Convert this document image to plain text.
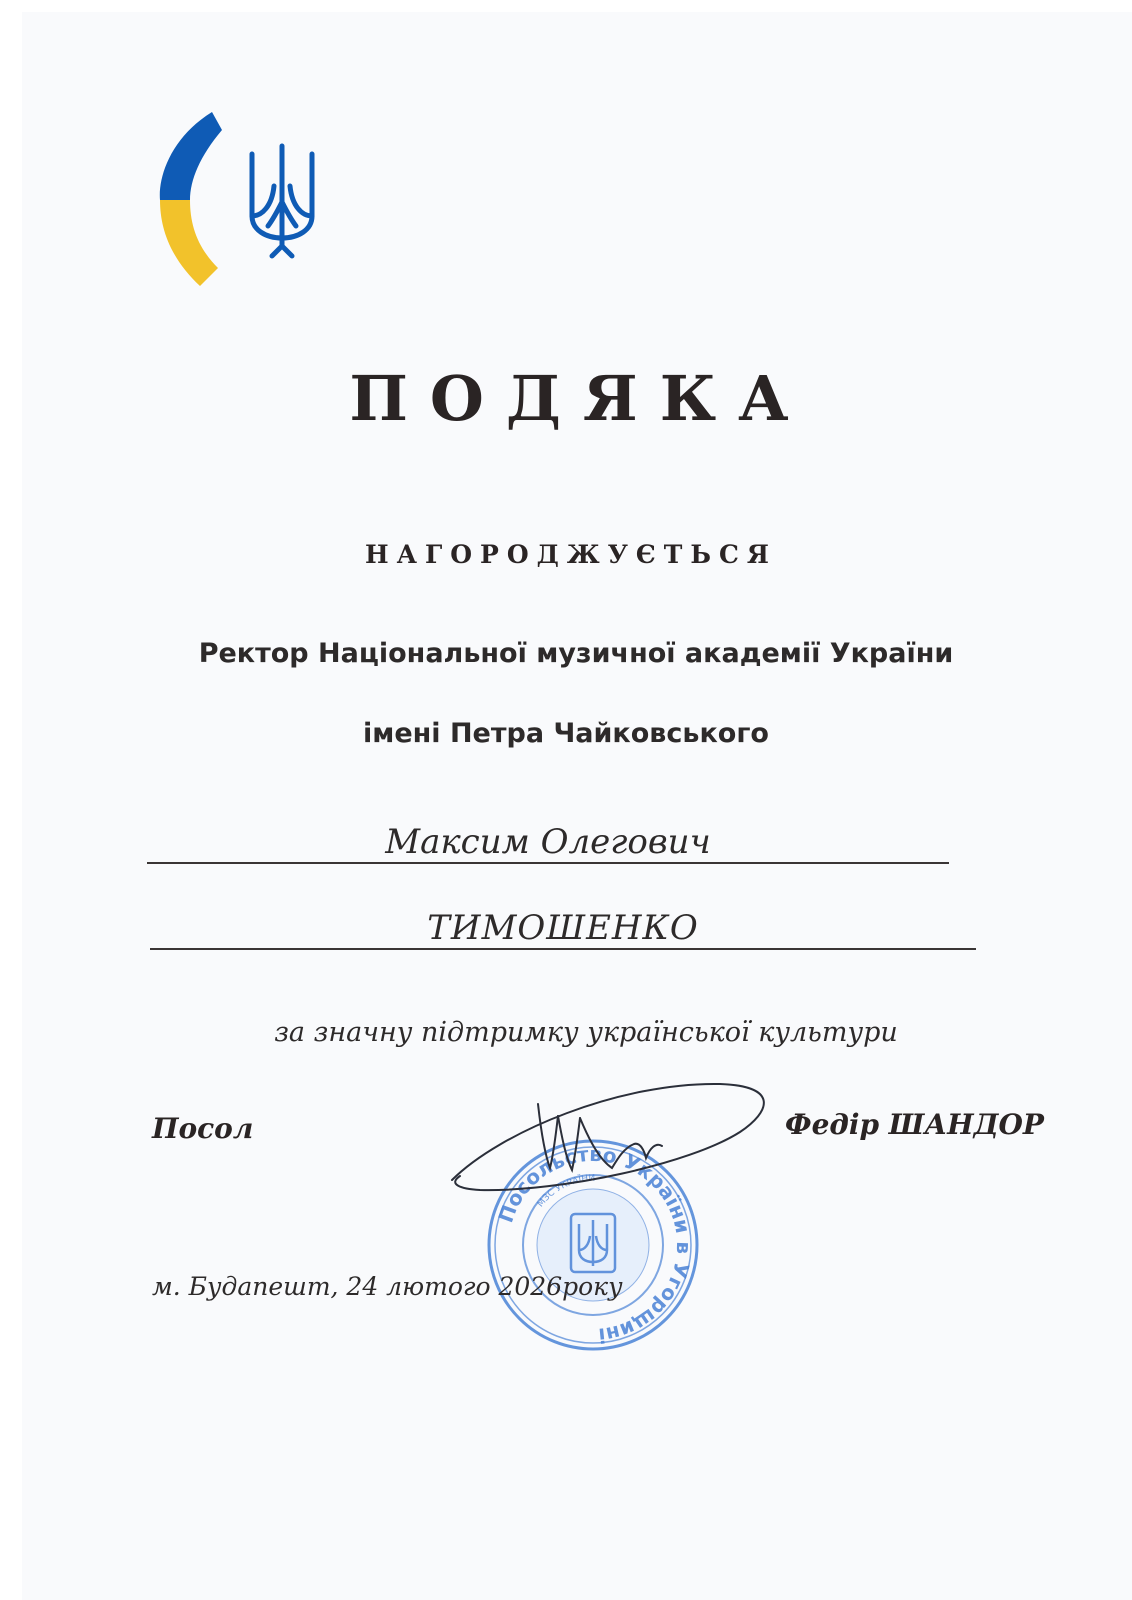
ПОДЯКА
НАГОРОДЖУЄТЬСЯ
Ректор Національної музичної академії України
імені Петра Чайковського
Максим Олегович
ТИМОШЕНКО
за значну підтримку української культури
Посол	Федір ШАНДОР
Посольство України в Угорщині
МЗС УКРАЇНИ
м. Будапешт, 24 лютого 2026року
